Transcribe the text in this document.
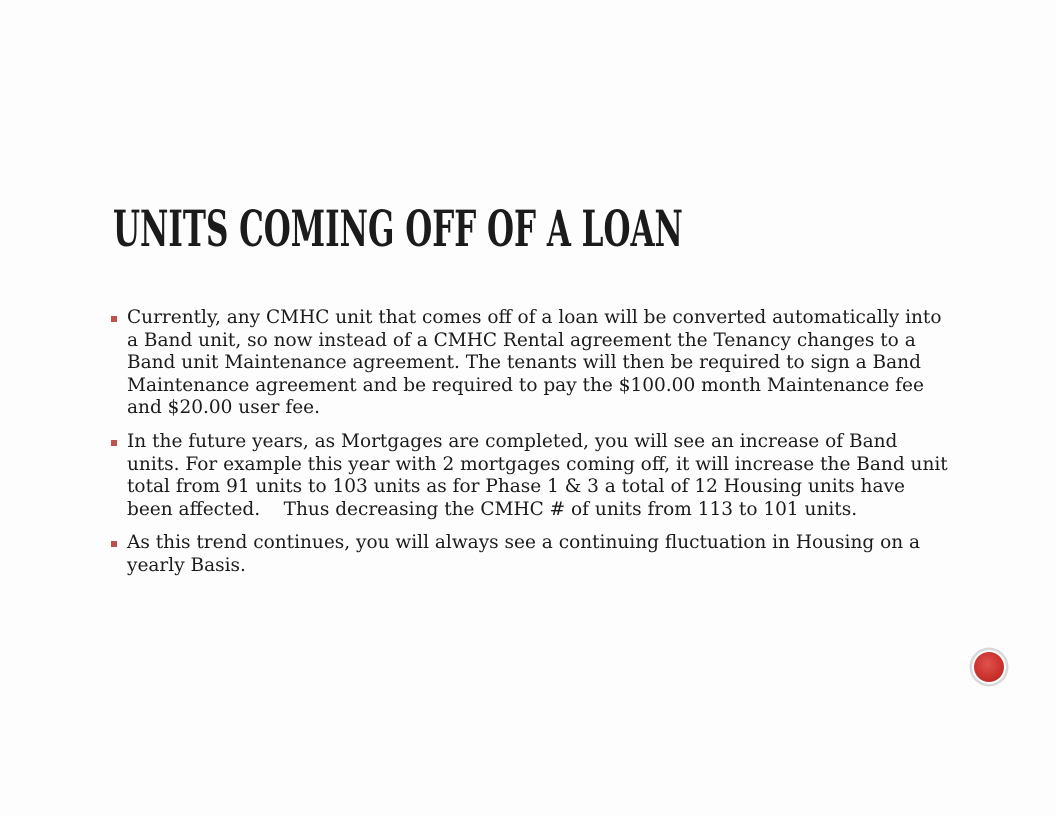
UNITS COMING OFF OF A LOAN
Currently, any CMHC unit that comes off of a loan will be converted automatically into a Band unit, so now instead of a CMHC Rental agreement the Tenancy changes to a Band unit Maintenance agreement. The tenants will then be required to sign a Band Maintenance agreement and be required to pay the $100.00 month Maintenance fee and $20.00 user fee.
In the future years, as Mortgages are completed, you will see an increase of Band units. For example this year with 2 mortgages coming off, it will increase the Band unit total from 91 units to 103 units as for Phase 1 & 3 a total of 12 Housing units have been affected.    Thus decreasing the CMHC # of units from 113 to 101 units.
As this trend continues, you will always see a continuing fluctuation in Housing on a yearly Basis.
